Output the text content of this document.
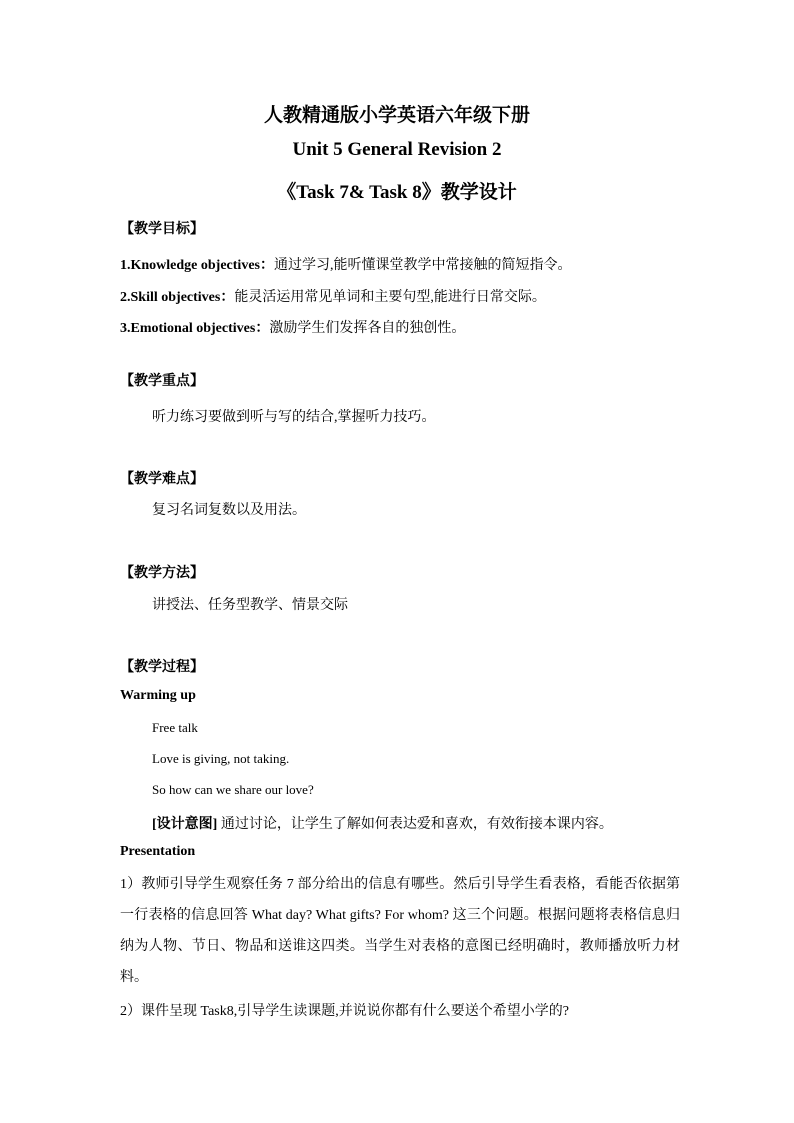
人教精通版小学英语六年级下册
Unit 5 General Revision 2
《Task 7& Task 8》教学设计
【教学目标】
1.Knowledge objectives：通过学习,能听懂课堂教学中常接触的简短指令。
2.Skill objectives：能灵活运用常见单词和主要句型,能进行日常交际。
3.Emotional objectives：激励学生们发挥各自的独创性。
【教学重点】
听力练习要做到听与写的结合,掌握听力技巧。
【教学难点】
复习名词复数以及用法。
【教学方法】
讲授法、任务型教学、情景交际
【教学过程】
Warming up
Free talk
Love is giving, not taking.
So how can we share our love?
[设计意图] 通过讨论，让学生了解如何表达爱和喜欢，有效衔接本课内容。
Presentation
1）教师引导学生观察任务 7 部分给出的信息有哪些。然后引导学生看表格，看能否依据第一行表格的信息回答 What day? What gifts? For whom? 这三个问题。根据问题将表格信息归纳为人物、节日、物品和送谁这四类。当学生对表格的意图已经明确时，教师播放听力材料。
2）课件呈现 Task8,引导学生读课题,并说说你都有什么要送个希望小学的?
